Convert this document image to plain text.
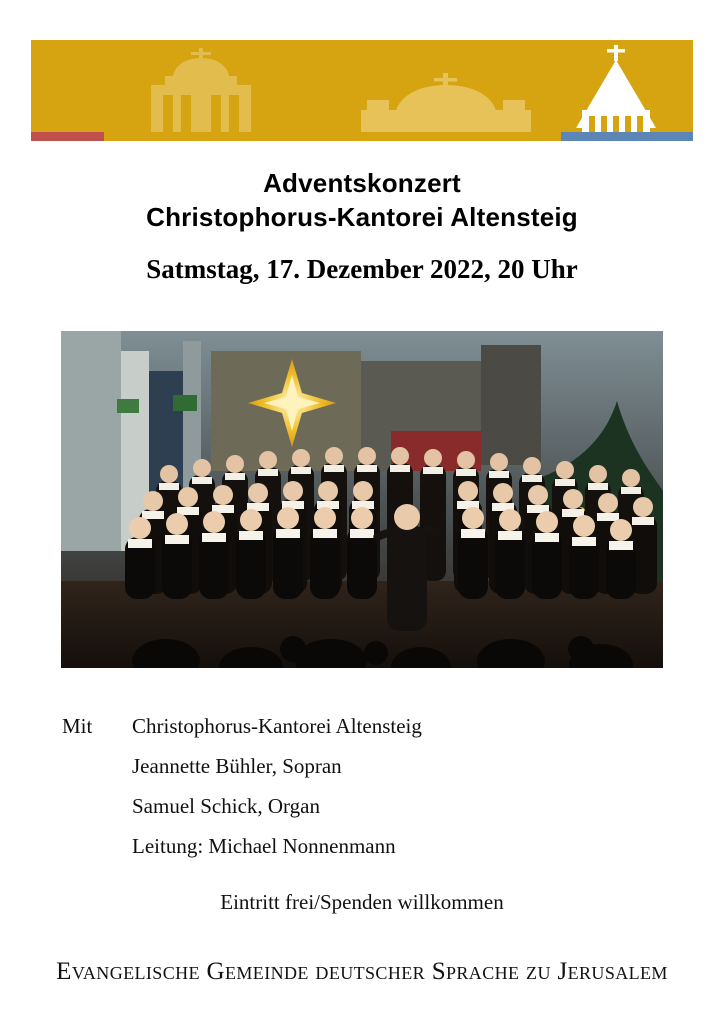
Adventskonzert
Christophorus-Kantorei Altensteig
Satmstag, 17. Dezember 2022, 20 Uhr
Mit	Christophorus-Kantorei Altensteig
Jeannette Bühler, Sopran
Samuel Schick, Organ
Leitung: Michael Nonnenmann
Eintritt frei/Spenden willkommen
Evangelische Gemeinde deutscher Sprache zu Jerusalem
